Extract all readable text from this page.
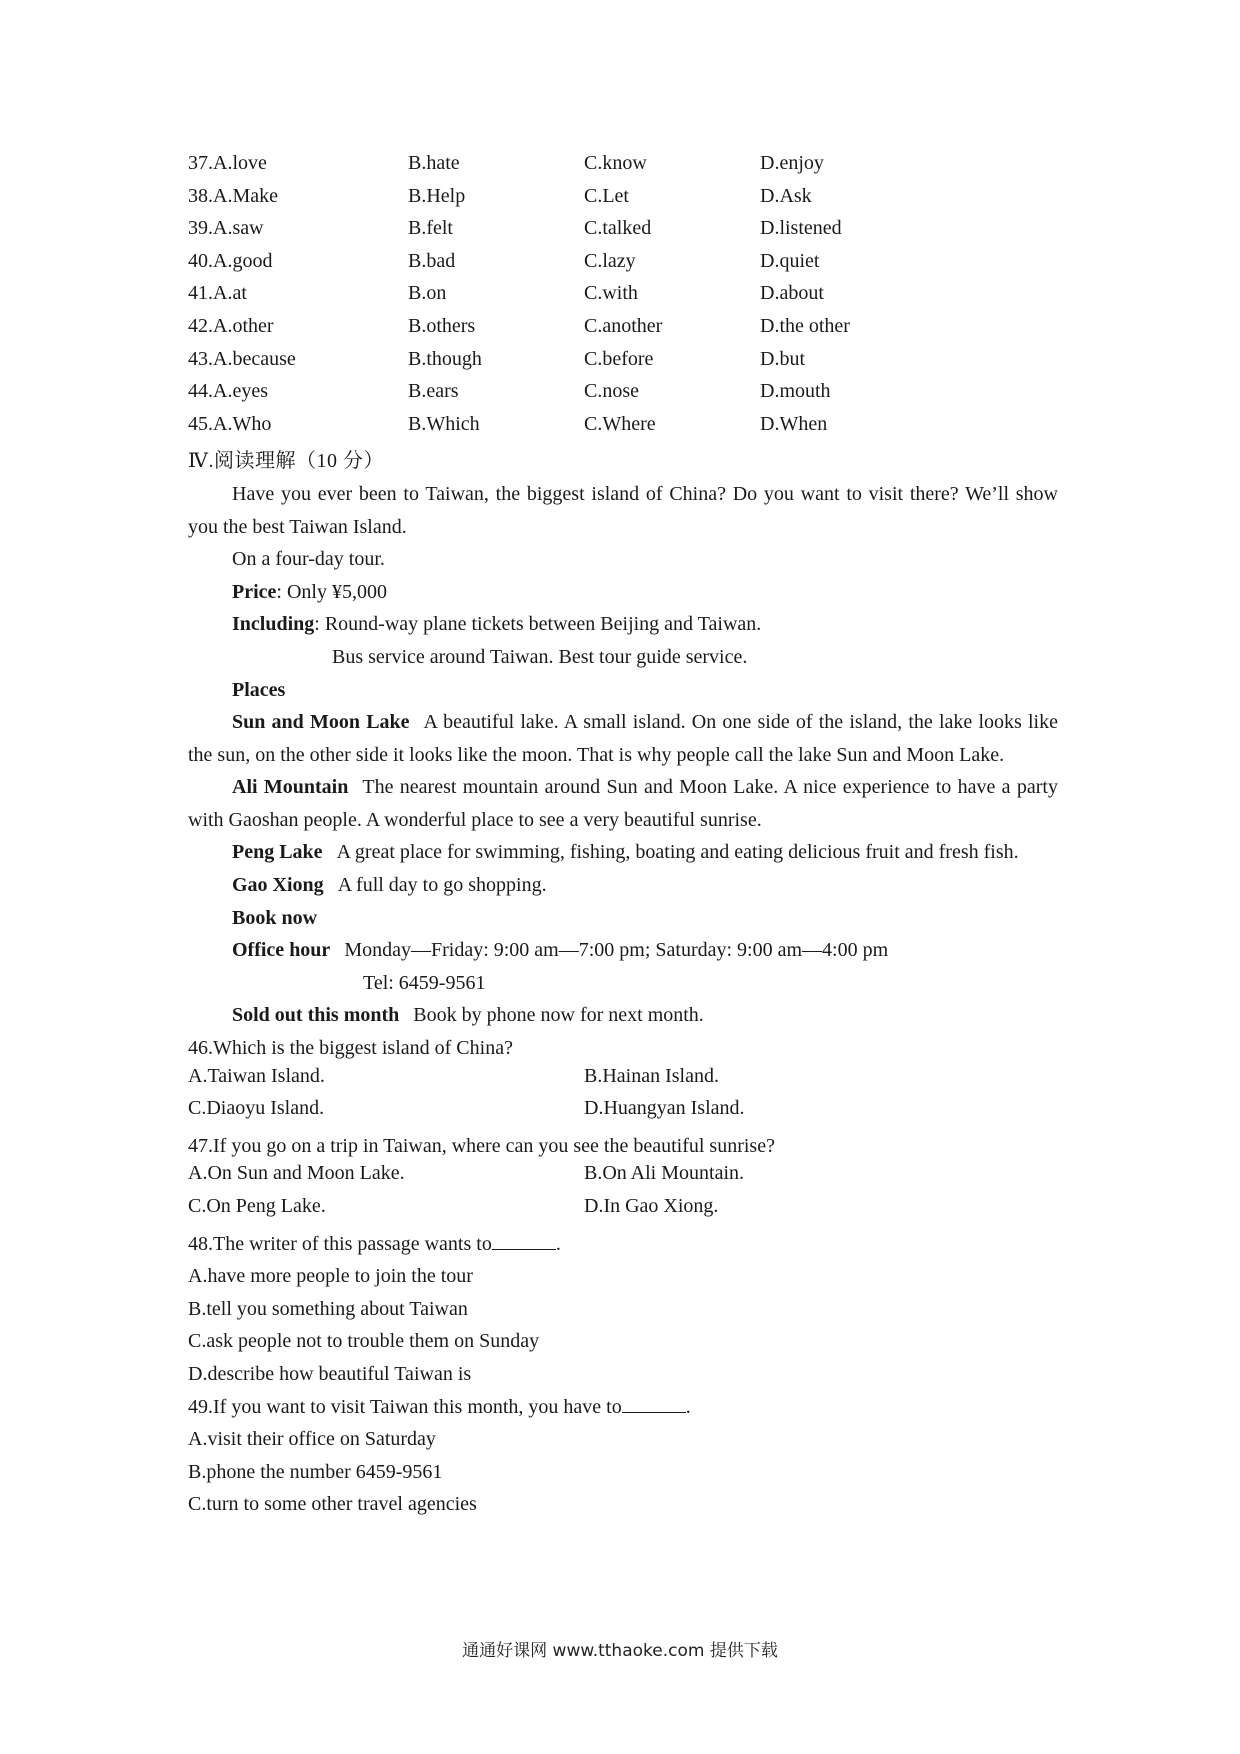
37.A.love	B.hate	C.know	D.enjoy
38.A.Make	B.Help	C.Let	D.Ask
39.A.saw	B.felt	C.talked	D.listened
40.A.good	B.bad	C.lazy	D.quiet
41.A.at	B.on	C.with	D.about
42.A.other	B.others	C.another	D.the other
43.A.because	B.though	C.before	D.but
44.A.eyes	B.ears	C.nose	D.mouth
45.A.Who	B.Which	C.Where	D.When
Ⅳ.阅读理解（10 分）

Have you ever been to Taiwan, the biggest island of China? Do you want to visit there? We’ll show you the best Taiwan Island.

On a four-day tour.
Price: Only ¥5,000
Including: Round-way plane tickets between Beijing and Taiwan.
Bus service around Taiwan. Best tour guide service.
Places

Sun and Moon Lake A beautiful lake. A small island. On one side of the island, the lake looks like the sun, on the other side it looks like the moon. That is why people call the lake Sun and Moon Lake.

Ali Mountain The nearest mountain around Sun and Moon Lake. A nice experience to have a party with Gaoshan people. A wonderful place to see a very beautiful sunrise.

Peng Lake A great place for swimming, fishing, boating and eating delicious fruit and fresh fish.

Gao Xiong A full day to go shopping.

Book now
Office hour Monday—Friday: 9:00 am—7:00 pm; Saturday: 9:00 am—4:00 pm
Tel: 6459-9561
Sold out this month Book by phone now for next month.
46.Which is the biggest island of China?
A.Taiwan Island.	B.Hainan Island.
C.Diaoyu Island.	D.Huangyan Island.
47.If you go on a trip in Taiwan, where can you see the beautiful sunrise?
A.On Sun and Moon Lake.	B.On Ali Mountain.
C.On Peng Lake.	D.In Gao Xiong.
48.The writer of this passage wants to	.
A.have more people to join the tour
B.tell you something about Taiwan
C.ask people not to trouble them on Sunday
D.describe how beautiful Taiwan is
49.If you want to visit Taiwan this month, you have to	.
A.visit their office on Saturday
B.phone the number 6459-9561
C.turn to some other travel agencies
通通好课网 www.tthaoke.com 提供下载
